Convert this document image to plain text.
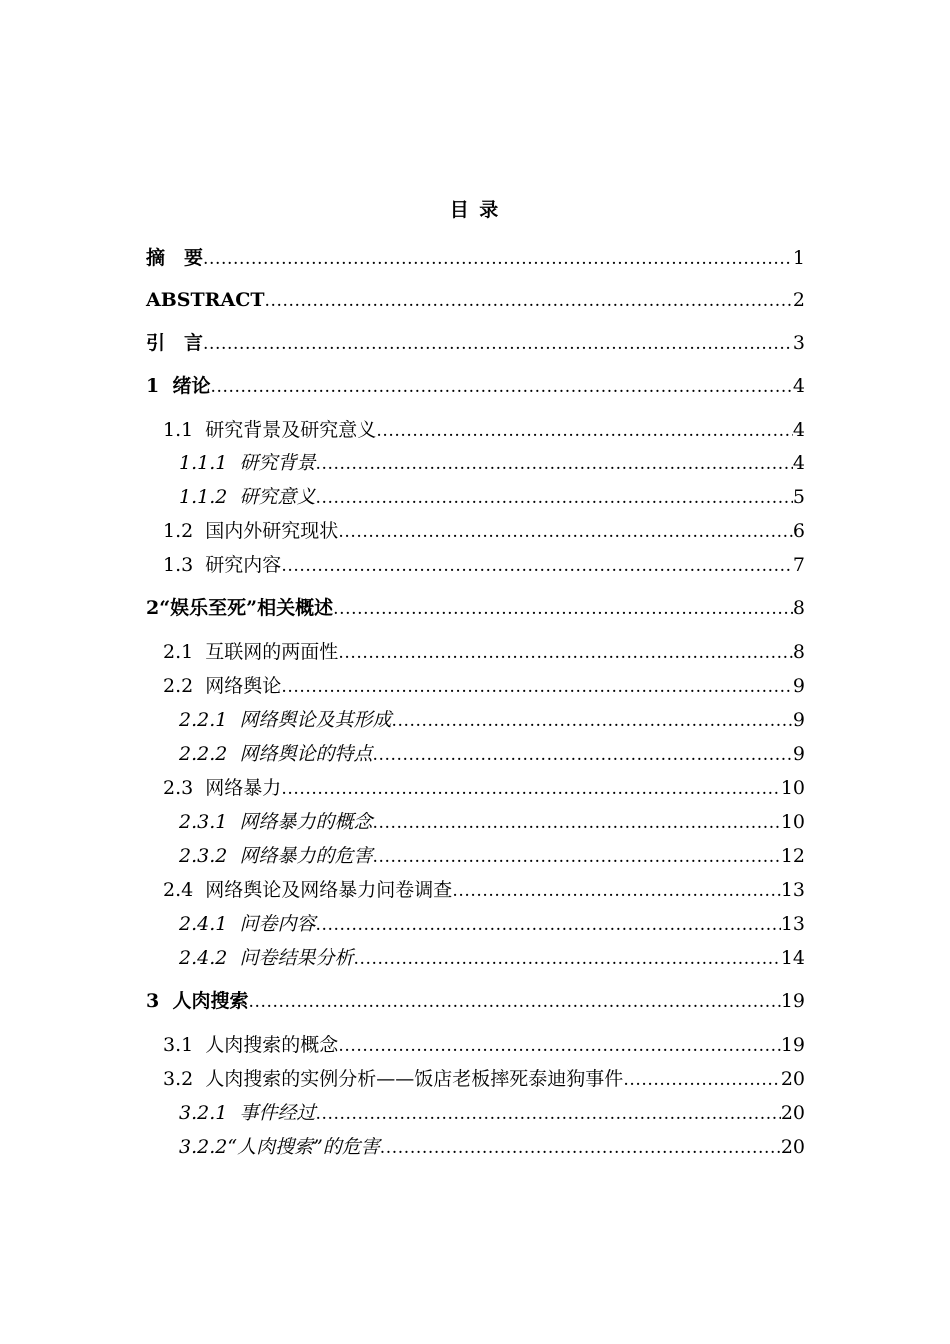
目 录
摘　要 .....	1
ABSTRACT .....	2
引　言 .....	3
1 绪论 .....	4
1.1 研究背景及研究意义 .....	4
1.1.1 研究背景 .....	4
1.1.2 研究意义 .....	5
1.2 国内外研究现状 .....	6
1.3 研究内容 .....	7
2 “娱乐至死”相关概述 .....	8
2.1 互联网的两面性 .....	8
2.2 网络舆论 .....	9
2.2.1 网络舆论及其形成 .....	9
2.2.2 网络舆论的特点 .....	9
2.3 网络暴力 .....	10
2.3.1 网络暴力的概念 .....	10
2.3.2 网络暴力的危害 .....	12
2.4 网络舆论及网络暴力问卷调查 .....	13
2.4.1 问卷内容 .....	13
2.4.2 问卷结果分析 .....	14
3 人肉搜索 .....	19
3.1 人肉搜索的概念 .....	19
3.2 人肉搜索的实例分析——饭店老板摔死泰迪狗事件 .....	20
3.2.1 事件经过 .....	20
3.2.2 “人肉搜索”的危害 .....	20
